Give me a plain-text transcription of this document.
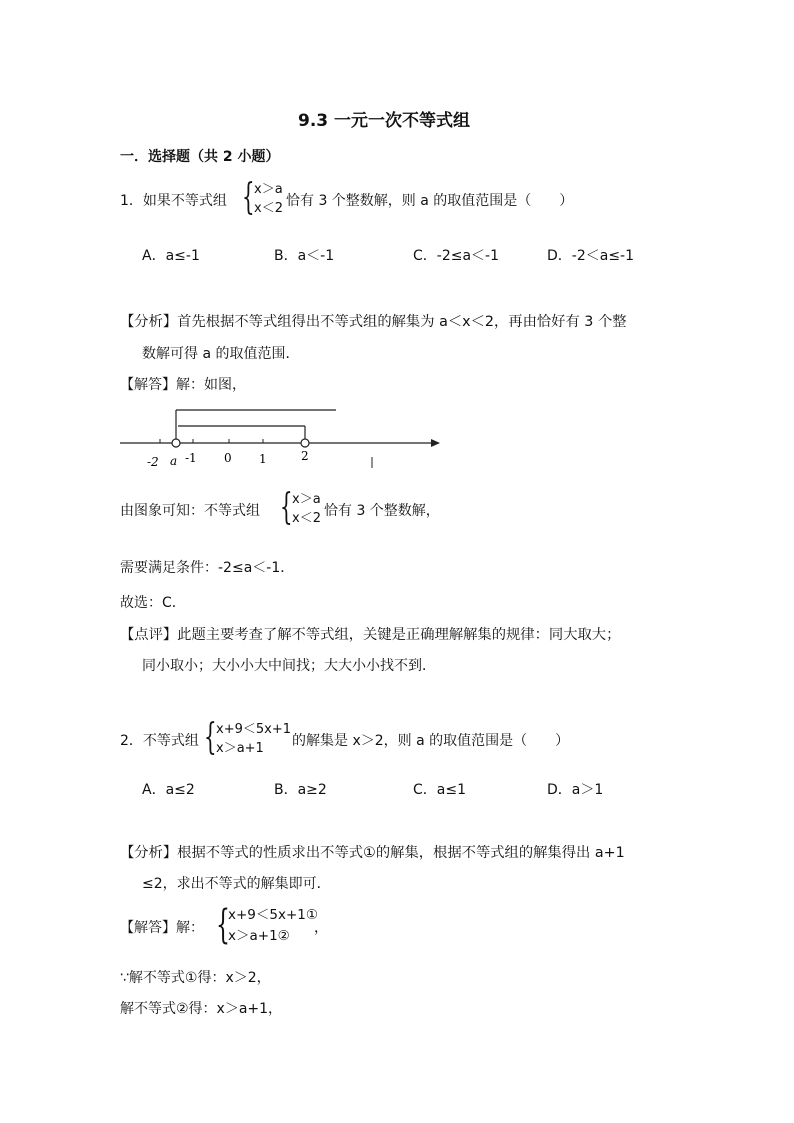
9.3 一元一次不等式组
一．选择题（共 2 小题）
1．如果不等式组 { x＞a
x＜2 恰有 3 个整数解，则 a 的取值范围是（　　）
A．a≤-1	B．a＜-1	C．-2≤a＜-1	D．-2＜a≤-1
【分析】首先根据不等式组得出不等式组的解集为 a＜x＜2，再由恰好有 3 个整
数解可得 a 的取值范围．
【解答】解：如图，
-2 a -1 0 1	2
由图象可知：不等式组 { x＞a
x＜2 恰有 3 个整数解，
需要满足条件：-2≤a＜-1．
故选：C．
【点评】此题主要考查了解不等式组，关键是正确理解解集的规律：同大取大；
同小取小；大小小大中间找；大大小小找不到．
2．不等式组 { x+9＜5x+1
x＞a+1	的解集是 x＞2，则 a 的取值范围是（　　）
A．a≤2	B．a≥2	C．a≤1	D．a＞1
【分析】根据不等式的性质求出不等式①的解集，根据不等式组的解集得出 a+1
≤2，求出不等式的解集即可．
【解答】解： {
x+9＜5x+1①
x＞a+1②	，
∵解不等式①得：x＞2，
解不等式②得：x＞a+1，
